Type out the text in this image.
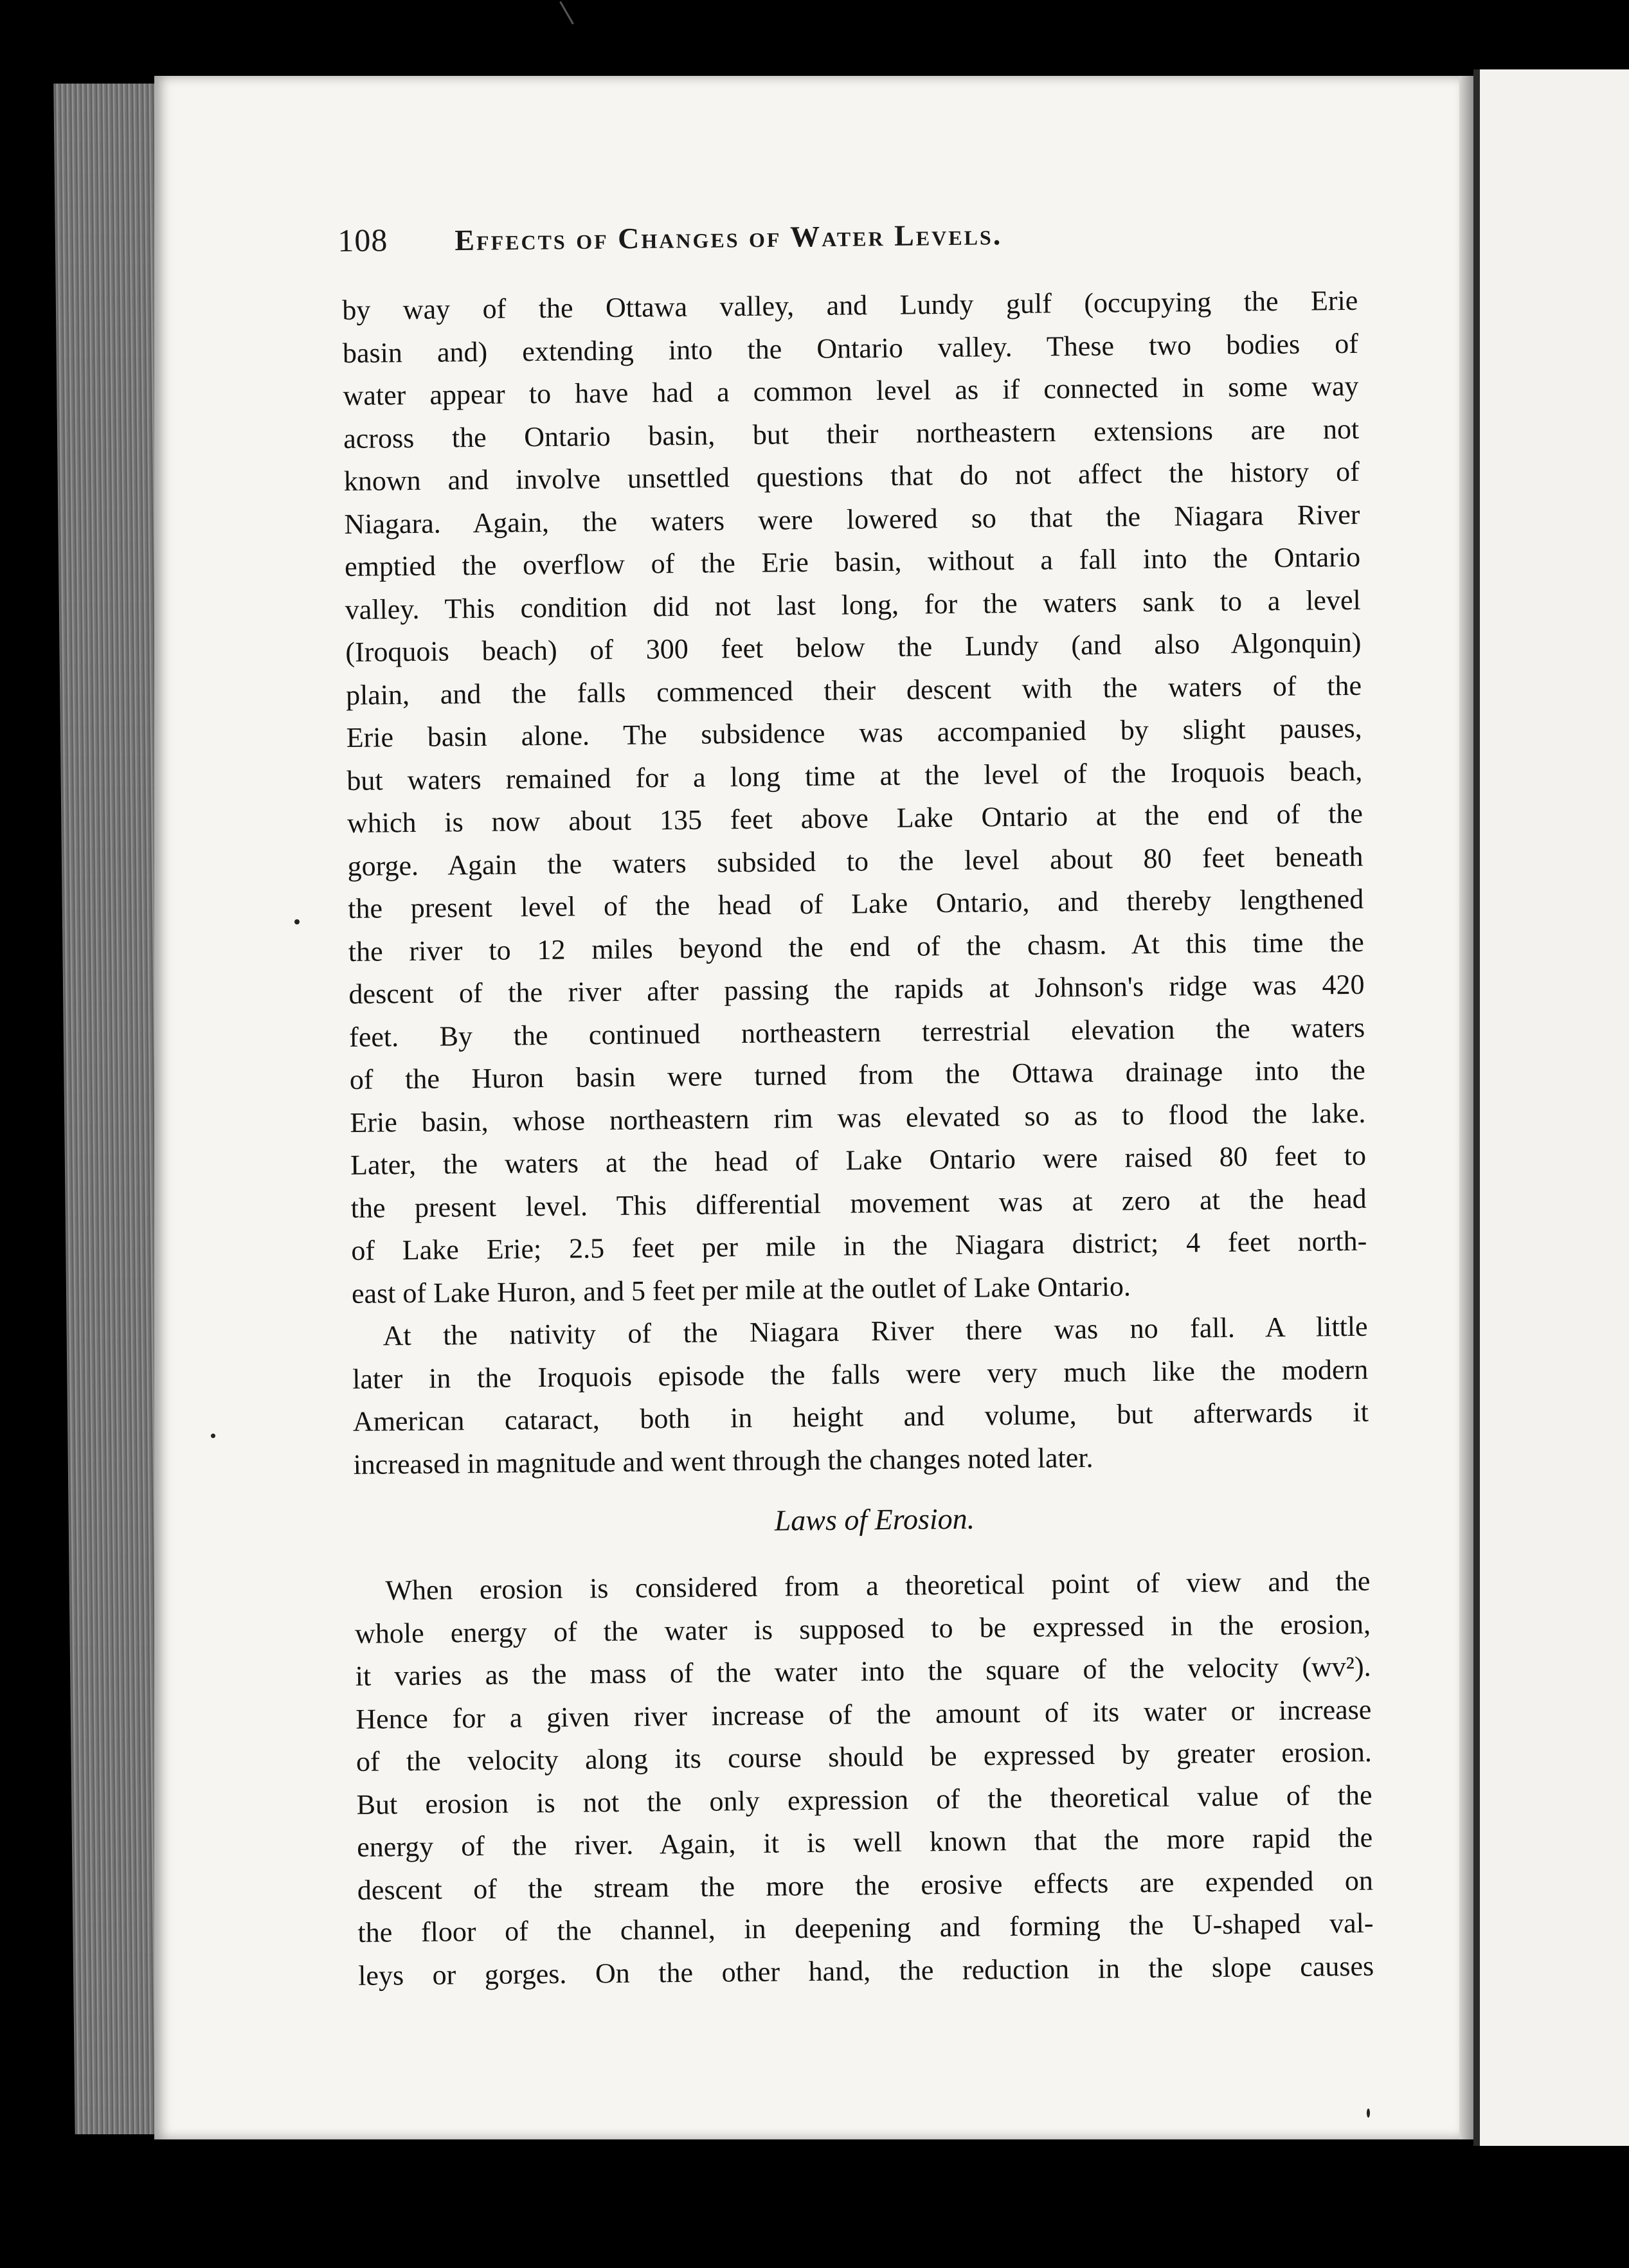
108 Effects of Changes of Water Levels.
by way of the Ottawa valley, and Lundy gulf (occupying the Erie
basin and) extending into the Ontario valley. These two bodies of
water appear to have had a common level as if connected in some way
across the Ontario basin, but their northeastern extensions are not
known and involve unsettled questions that do not affect the history of
Niagara. Again, the waters were lowered so that the Niagara River
emptied the overflow of the Erie basin, without a fall into the Ontario
valley. This condition did not last long, for the waters sank to a level
(Iroquois beach) of 300 feet below the Lundy (and also Algonquin)
plain, and the falls commenced their descent with the waters of the
Erie basin alone. The subsidence was accompanied by slight pauses,
but waters remained for a long time at the level of the Iroquois beach,
which is now about 135 feet above Lake Ontario at the end of the
gorge. Again the waters subsided to the level about 80 feet beneath
the present level of the head of Lake Ontario, and thereby lengthened
the river to 12 miles beyond the end of the chasm. At this time the
descent of the river after passing the rapids at Johnson's ridge was 420
feet. By the continued northeastern terrestrial elevation the waters
of the Huron basin were turned from the Ottawa drainage into the
Erie basin, whose northeastern rim was elevated so as to flood the lake.
Later, the waters at the head of Lake Ontario were raised 80 feet to
the present level. This differential movement was at zero at the head
of Lake Erie; 2.5 feet per mile in the Niagara district; 4 feet north-
east of Lake Huron, and 5 feet per mile at the outlet of Lake Ontario.
At the nativity of the Niagara River there was no fall. A little
later in the Iroquois episode the falls were very much like the modern
American cataract, both in height and volume, but afterwards it
increased in magnitude and went through the changes noted later.
Laws of Erosion.
When erosion is considered from a theoretical point of view and the
whole energy of the water is supposed to be expressed in the erosion,
it varies as the mass of the water into the square of the velocity (wv²).
Hence for a given river increase of the amount of its water or increase
of the velocity along its course should be expressed by greater erosion.
But erosion is not the only expression of the theoretical value of the
energy of the river. Again, it is well known that the more rapid the
descent of the stream the more the erosive effects are expended on
the floor of the channel, in deepening and forming the U-shaped val-
leys or gorges. On the other hand, the reduction in the slope causes
